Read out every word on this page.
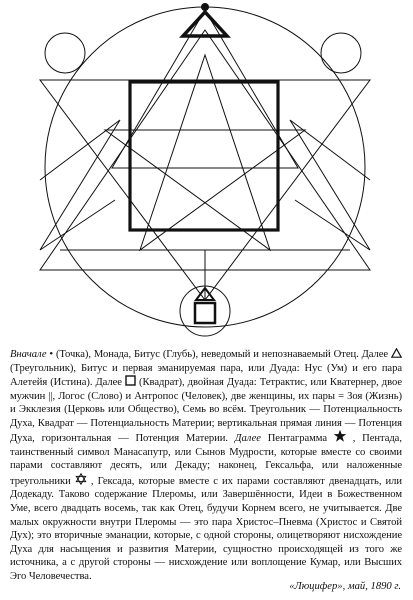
Вначале • (Точка), Монада, Битус (Глубь), неведомый и непознаваемый Отец. Далее  (Треугольник), Битус и первая эманируемая пара, или Дуада: Нус (Ум) и его пара Алетейя (Истина). Далее (Квадрат), двойная Дуада: Тетрактис, или Кватернер, двое мужчин ||, Логос (Слово) и Антропос (Человек), две женщины, их пары = Зоя (Жизнь) и Экклезия (Церковь или Общество), Семь во всём. Треугольник — Потенциальность Духа, Квадрат — Потенциальность Материи; вертикальная прямая линия — Потенция Духа, горизонтальная — Потенция Материи. Далее Пентаграмма , Пентада, таинственный символ Манасапутр, или Сынов Мудрости, которые вместе со своими парами составляют десять, или Декаду; наконец, Гексальфа, или наложенные треугольники , Гексада, которые вместе с их парами составляют двенадцать, или Додекаду. Таково содержание Плеромы, или Завершённости, Идеи в Божественном Уме, всего двадцать восемь, так как Отец, будучи Корнем всего, не учитывается. Две малых окружности внутри Плеромы — это пара Христос–Пневма (Христос и Святой Дух); это вторичные эманации, которые, с одной стороны, олицетворяют нисхождение Духа для насыщения и развития Материи, сущностно происходящей из того же источника, а с другой стороны — нисхождение или воплощение Кумар, или Высших Эго Человечества.

«Люцифер», май, 1890 г.
